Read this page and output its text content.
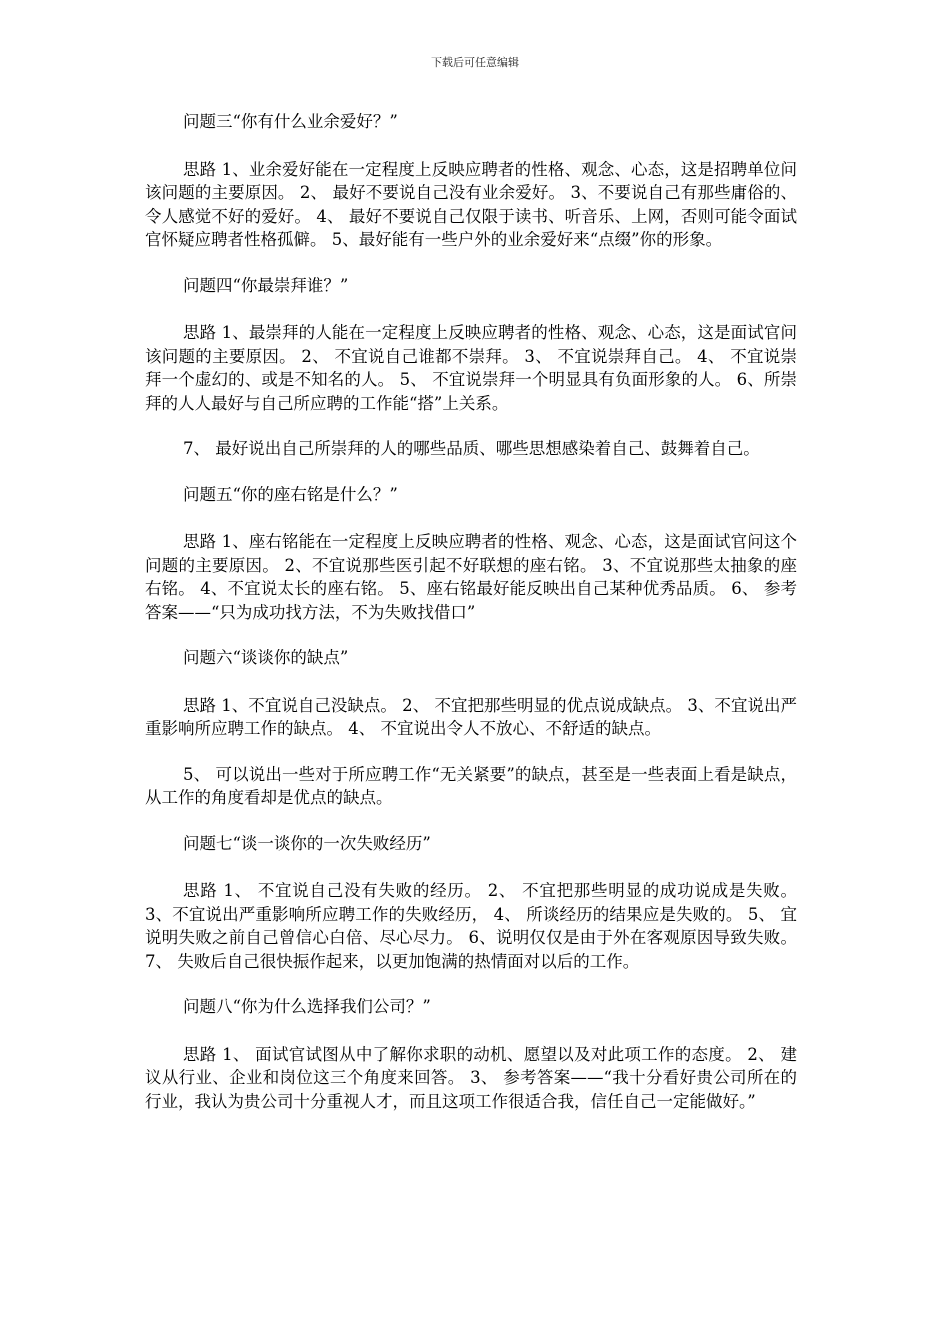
下载后可任意编辑

问题三“你有什么业余爱好？”

思路 1、业余爱好能在一定程度上反映应聘者的性格、观念、心态，这是招聘单位问该问题的主要原因。 2、 最好不要说自己没有业余爱好。 3、不要说自己有那些庸俗的、令人感觉不好的爱好。 4、 最好不要说自己仅限于读书、听音乐、上网，否则可能令面试官怀疑应聘者性格孤僻。 5、最好能有一些户外的业余爱好来“点缀”你的形象。

问题四“你最崇拜谁？”

思路 1、最崇拜的人能在一定程度上反映应聘者的性格、观念、心态，这是面试官问该问题的主要原因。 2、 不宜说自己谁都不崇拜。 3、 不宜说崇拜自己。 4、 不宜说崇拜一个虚幻的、或是不知名的人。 5、 不宜说崇拜一个明显具有负面形象的人。 6、所崇拜的人人最好与自己所应聘的工作能“搭”上关系。

7、 最好说出自己所崇拜的人的哪些品质、哪些思想感染着自己、鼓舞着自己。

问题五“你的座右铭是什么？”

思路 1、座右铭能在一定程度上反映应聘者的性格、观念、心态，这是面试官问这个问题的主要原因。 2、不宜说那些医引起不好联想的座右铭。 3、不宜说那些太抽象的座右铭。 4、不宜说太长的座右铭。 5、座右铭最好能反映出自己某种优秀品质。 6、 参考答案——“只为成功找方法，不为失败找借口”

问题六“谈谈你的缺点”

思路 1、不宜说自己没缺点。 2、 不宜把那些明显的优点说成缺点。 3、不宜说出严重影响所应聘工作的缺点。 4、 不宜说出令人不放心、不舒适的缺点。

5、 可以说出一些对于所应聘工作“无关紧要”的缺点，甚至是一些表面上看是缺点，从工作的角度看却是优点的缺点。

问题七“谈一谈你的一次失败经历”

思路 1、 不宜说自己没有失败的经历。 2、 不宜把那些明显的成功说成是失败。 3、不宜说出严重影响所应聘工作的失败经历， 4、 所谈经历的结果应是失败的。 5、 宜说明失败之前自己曾信心白倍、尽心尽力。 6、说明仅仅是由于外在客观原因导致失败。 7、 失败后自己很快振作起来，以更加饱满的热情面对以后的工作。

问题八“你为什么选择我们公司？”

思路 1、 面试官试图从中了解你求职的动机、愿望以及对此项工作的态度。 2、 建议从行业、企业和岗位这三个角度来回答。 3、 参考答案——“我十分看好贵公司所在的行业，我认为贵公司十分重视人才，而且这项工作很适合我，信任自己一定能做好。”
